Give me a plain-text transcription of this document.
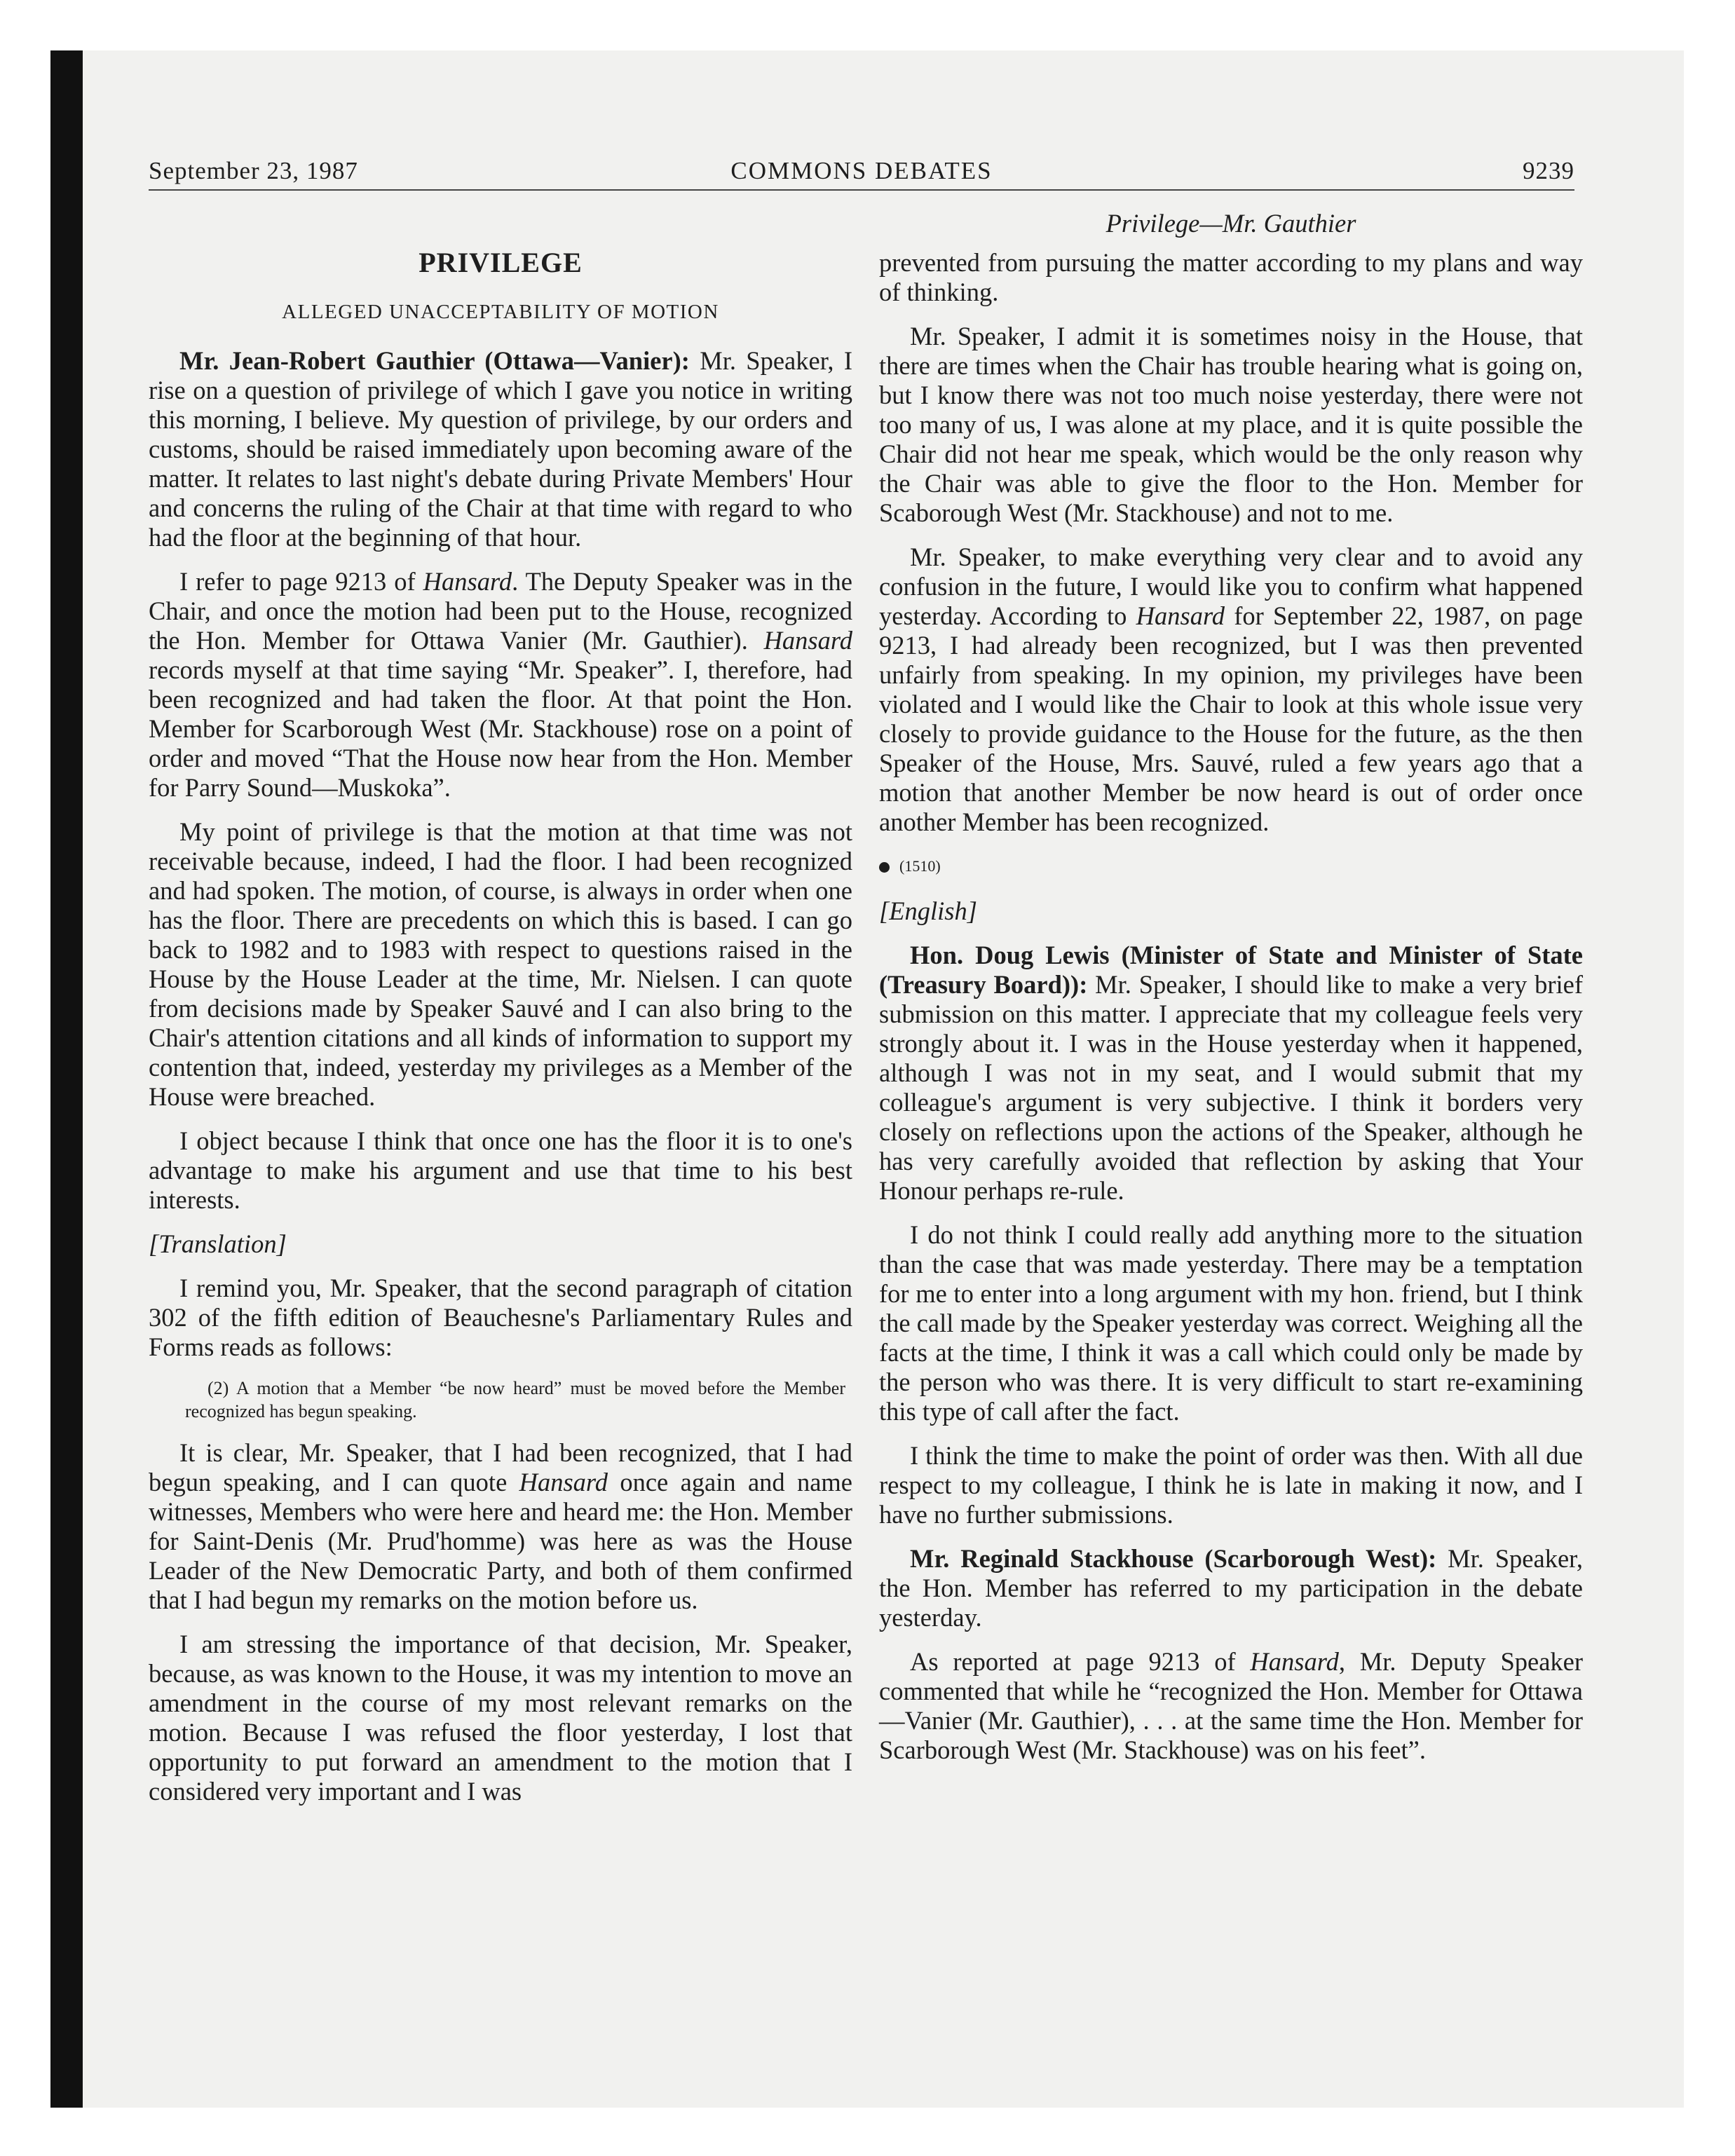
September 23, 1987	COMMONS DEBATES	9239
PRIVILEGE
ALLEGED UNACCEPTABILITY OF MOTION

Mr. Jean-Robert Gauthier (Ottawa—Vanier): Mr. Speaker, I rise on a question of privilege of which I gave you notice in writing this morning, I believe. My question of privilege, by our orders and customs, should be raised immediately upon becoming aware of the matter. It relates to last night's debate during Private Members' Hour and concerns the ruling of the Chair at that time with regard to who had the floor at the beginning of that hour.

I refer to page 9213 of Hansard. The Deputy Speaker was in the Chair, and once the motion had been put to the House, recognized the Hon. Member for Ottawa Vanier (Mr. Gauthier). Hansard records myself at that time saying “Mr. Speaker”. I, therefore, had been recognized and had taken the floor. At that point the Hon. Member for Scarborough West (Mr. Stackhouse) rose on a point of order and moved “That the House now hear from the Hon. Member for Parry Sound—Muskoka”.

My point of privilege is that the motion at that time was not receivable because, indeed, I had the floor. I had been recognized and had spoken. The motion, of course, is always in order when one has the floor. There are precedents on which this is based. I can go back to 1982 and to 1983 with respect to questions raised in the House by the House Leader at the time, Mr. Nielsen. I can quote from decisions made by Speaker Sauvé and I can also bring to the Chair's attention citations and all kinds of information to support my contention that, indeed, yesterday my privileges as a Member of the House were breached.

I object because I think that once one has the floor it is to one's advantage to make his argument and use that time to his best interests.

[Translation]

I remind you, Mr. Speaker, that the second paragraph of citation 302 of the fifth edition of Beauchesne's Parliamentary Rules and Forms reads as follows:

(2) A motion that a Member “be now heard” must be moved before the Member recognized has begun speaking.

It is clear, Mr. Speaker, that I had been recognized, that I had begun speaking, and I can quote Hansard once again and name witnesses, Members who were here and heard me: the Hon. Member for Saint-Denis (Mr. Prud'homme) was here as was the House Leader of the New Democratic Party, and both of them confirmed that I had begun my remarks on the motion before us.

I am stressing the importance of that decision, Mr. Speaker, because, as was known to the House, it was my intention to move an amendment in the course of my most relevant remarks on the motion. Because I was refused the floor yesterday, I lost that opportunity to put forward an amendment to the motion that I considered very important and I was

Privilege—Mr. Gauthier

prevented from pursuing the matter according to my plans and way of thinking.

Mr. Speaker, I admit it is sometimes noisy in the House, that there are times when the Chair has trouble hearing what is going on, but I know there was not too much noise yesterday, there were not too many of us, I was alone at my place, and it is quite possible the Chair did not hear me speak, which would be the only reason why the Chair was able to give the floor to the Hon. Member for Scaborough West (Mr. Stackhouse) and not to me.

Mr. Speaker, to make everything very clear and to avoid any confusion in the future, I would like you to confirm what happened yesterday. According to Hansard for September 22, 1987, on page 9213, I had already been recognized, but I was then prevented unfairly from speaking. In my opinion, my privileges have been violated and I would like the Chair to look at this whole issue very closely to provide guidance to the House for the future, as the then Speaker of the House, Mrs. Sauvé, ruled a few years ago that a motion that another Member be now heard is out of order once another Member has been recognized.

(1510)

[English]

Hon. Doug Lewis (Minister of State and Minister of State (Treasury Board)): Mr. Speaker, I should like to make a very brief submission on this matter. I appreciate that my colleague feels very strongly about it. I was in the House yesterday when it happened, although I was not in my seat, and I would submit that my colleague's argument is very subjective. I think it borders very closely on reflections upon the actions of the Speaker, although he has very carefully avoided that reflection by asking that Your Honour perhaps re-rule.

I do not think I could really add anything more to the situation than the case that was made yesterday. There may be a temptation for me to enter into a long argument with my hon. friend, but I think the call made by the Speaker yesterday was correct. Weighing all the facts at the time, I think it was a call which could only be made by the person who was there. It is very difficult to start re-examining this type of call after the fact.

I think the time to make the point of order was then. With all due respect to my colleague, I think he is late in making it now, and I have no further submissions.

Mr. Reginald Stackhouse (Scarborough West): Mr. Speaker, the Hon. Member has referred to my participation in the debate yesterday.

As reported at page 9213 of Hansard, Mr. Deputy Speaker commented that while he “recognized the Hon. Member for Ottawa—Vanier (Mr. Gauthier), . . . at the same time the Hon. Member for Scarborough West (Mr. Stackhouse) was on his feet”.
